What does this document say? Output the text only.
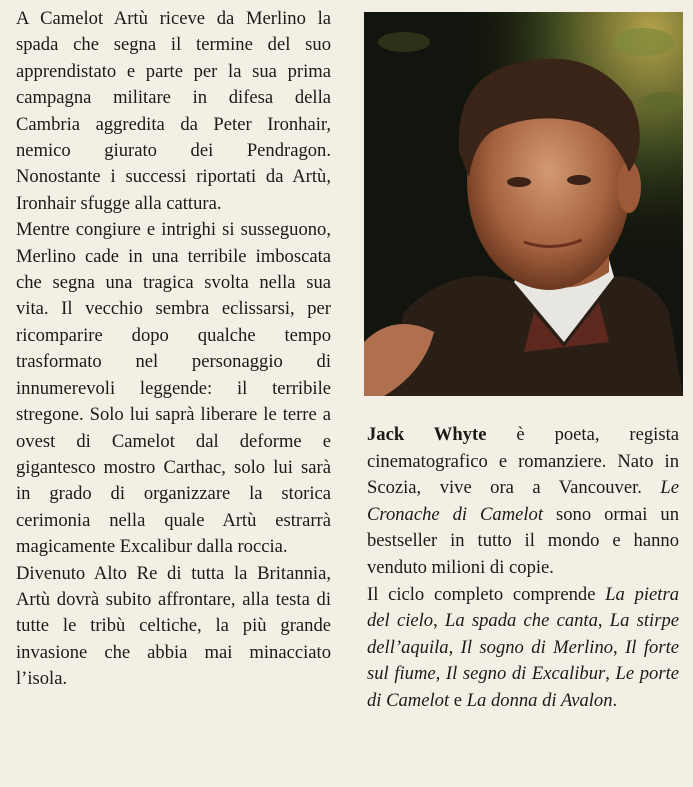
A Camelot Artù riceve da Merlino la spada che segna il termine del suo apprendistato e parte per la sua prima campagna militare in difesa della Cambria aggredita da Peter Ironhair, nemico giurato dei Pendragon. Nonostante i successi riportati da Artù, Ironhair sfugge alla cattura.

Mentre congiure e intrighi si susseguono, Merlino cade in una terribile imboscata che segna una tragica svolta nella sua vita. Il vecchio sembra eclissarsi, per ricomparire dopo qualche tempo trasformato nel personaggio di innumerevoli leggende: il terribile stregone. Solo lui saprà liberare le terre a ovest di Camelot dal deforme e gigantesco mostro Carthac, solo lui sarà in grado di organizzare la storica cerimonia nella quale Artù estrarrà magicamente Excalibur dalla roccia.

Divenuto Alto Re di tutta la Britannia, Artù dovrà subito affrontare, alla testa di tutte le tribù celtiche, la più grande invasione che abbia mai minacciato l’isola.

Jack Whyte è poeta, regista cinematografico e romanziere. Nato in Scozia, vive ora a Vancouver. Le Cronache di Camelot sono ormai un bestseller in tutto il mondo e hanno venduto milioni di copie.

Il ciclo completo comprende La pietra del cielo, La spada che canta, La stirpe dell’aquila, Il sogno di Merlino, Il forte sul fiume, Il segno di Excalibur, Le porte di Camelot e La donna di Avalon.
